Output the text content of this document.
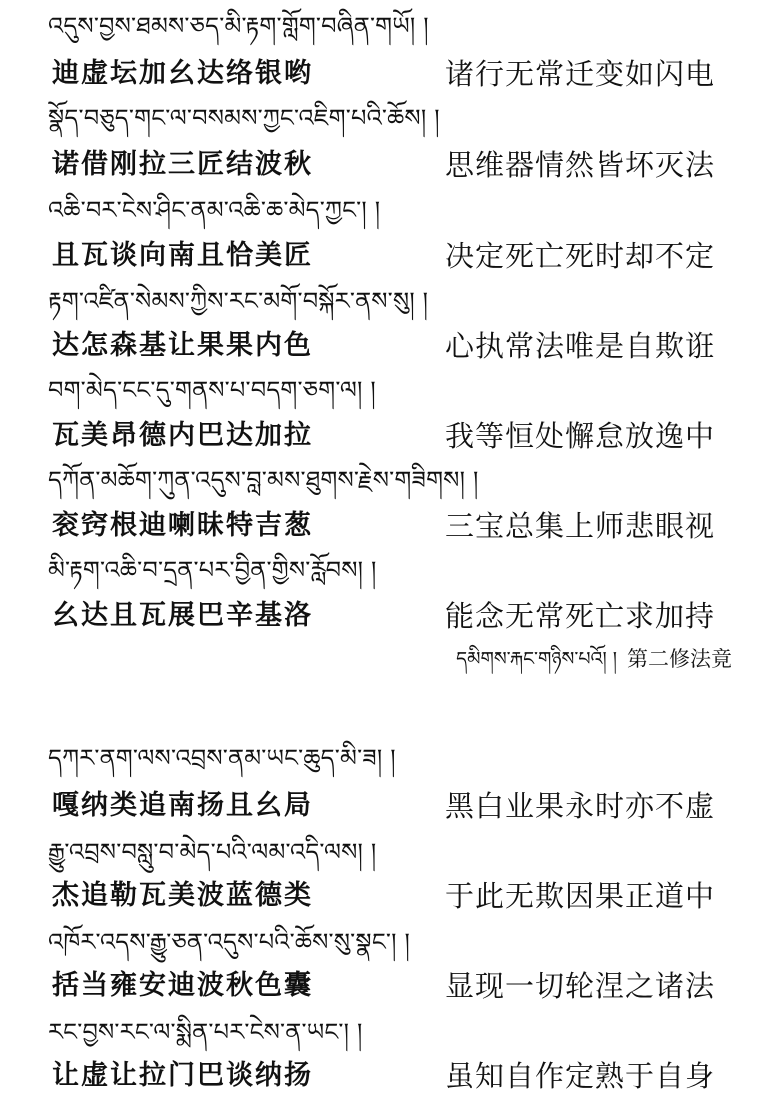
འདུས་བྱས་ཐམས་ཅད་མི་རྟག་གློག་བཞིན་གཡོ། །
迪虚坛加幺达络银哟	诸行无常迁变如闪电
སྣོད་བཅུད་གང་ལ་བསམས་ཀྱང་འཇིག་པའི་ཆོས། །
诺借刚拉三匠结波秋	思维器情然皆坏灭法
འཆི་བར་ངེས་ཤིང་ནམ་འཆི་ཆ་མེད་ཀྱང་། །
且瓦谈向南且恰美匠	决定死亡死时却不定
རྟག་འཛིན་སེམས་ཀྱིས་རང་མགོ་བསྐོར་ནས་སུ། །
达怎森基让果果内色	心执常法唯是自欺诳
བག་མེད་ངང་དུ་གནས་པ་བདག་ཅག་ལ། །
瓦美昂德内巴达加拉	我等恒处懈怠放逸中
དཀོན་མཆོག་ཀུན་འདུས་བླ་མས་ཐུགས་རྗེས་གཟིགས། །
衮窍根迪喇昧特吉葱	三宝总集上师悲眼视
མི་རྟག་འཆི་བ་དྲན་པར་བྱིན་གྱིས་རློབས། །
幺达且瓦展巴辛基洛	能念无常死亡求加持
དམིགས་རྐང་གཉིས་པའོ། ། 第二修法竟
དཀར་ནག་ལས་འབྲས་ནམ་ཡང་ཆུད་མི་ཟ། །
嘎纳类追南扬且幺局	黑白业果永时亦不虚
རྒྱུ་འབྲས་བསླུ་བ་མེད་པའི་ལམ་འདི་ལས། །
杰追勒瓦美波蓝德类	于此无欺因果正道中
འཁོར་འདས་རྒྱུ་ཅན་འདུས་པའི་ཆོས་སུ་སྣང་། །
括当雍安迪波秋色囊	显现一切轮涅之诸法
རང་བྱས་རང་ལ་སྨིན་པར་ངེས་ན་ཡང་། །
让虚让拉门巴谈纳扬	虽知自作定熟于自身
